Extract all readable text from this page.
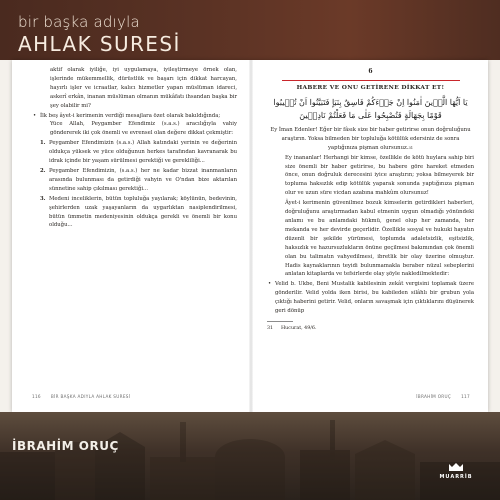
bir başka adıyla
AHLAK SURESİ
aktif olarak iyiliğe, iyi uygulamaya, iyileştirmeye örnek olan, işlerinde mükemmellik, dürüstlük ve başarı için dikkat harcayan, hayırlı işler ve icraatlar, kalıcı hizmetler yapan müslüman idareci, askerî erkân, inanan müslüman olmanın mükâfatı ihsandan başka bir şey olabilir mi?
• İlk beş âyet-i kerimenin verdiği mesajlara özet olarak bakıldığında;
Yüce Allah, Peygamber Efendimiz (s.a.s.) aracılığıyla vahiy göndererek iki çok önemli ve evrensel olan değere dikkat çekmiştir:
1. Peygamber Efendimizin (s.a.s.) Allah katındaki yerinin ve değerinin oldukça yüksek ve yüce olduğunun herkes tarafından kavranarak bu idrak içinde bir yaşam sürülmesi gerektiği ve gerekliliği...
2. Peygamber Efendimizin, (s.a.s.) her ne kadar bizzat inanmanların arasında bulunması da getirdiği vahyin ve O'ndan bize aktarılan sünnetine sahip çıkılması gerektiği...
3. Medeni inceliklerin, bütün topluluğa yayılarak; köylünün, bedevinin, şehirlerden uzak yaşayanların da uygarlıktan nasiplendirilmesi, bütün ümmetin medeniyesinin oldukça gerekli ve önemli bir konu olduğu...
6
HABERE VE ONU GETİRENE DİKKAT ET!
يَا اَيُّهَا الَّذٖينَ اٰمَنُوا اِنْ جَاۤءَكُمْ فَاسِقٌ بِنَبَاٍ فَتَبَيَّنُوا اَنْ تُصٖيبُوا قَوْمًا بِجَهَالَةٍ فَتُصْبِحُوا عَلٰى مَا فَعَلْتُمْ نَادِمٖينَ
Ey İman Edenler! Eğer bir fâsık size bir haber getirirse onun doğruluğunu araştırın. Yoksa bilmeden bir topluluğa kötülük edersiniz de sonra yaptığınıza pişman olursunuz.$^{31}$
Ey inananlar! Herhangi bir kimse, özellikle de kötü huylara sahip biri size önemli bir haber getirirse, bu habere göre hareket etmeden önce, onun doğruluk derecesini iyice araştırın; yoksa bilmeyerek bir topluma haksızlık edip kötülük yaparak sonunda yaptığınıza pişman olur ve uzun süre vicdan azabına mahkûm olursunuz!
Âyet-i kerimenin güvenilmez bozuk kimselerin getirdikleri haberleri, doğruluğunu araştırmadan kabul etmenin uygun olmadığı yönündeki anlamı ve bu anlamdaki hükmü, genel olup her zamanda, her mekanda ve her devirde geçerlidir. Özellikle sosyal ve hukuki hayatın düzenli bir şekilde yürümesi, toplumda adaletsizlik, eşitsizlik, haksızlık ve hazursuzlukların önüne geçilmesi bakımından çok önemli olan bu talimatın vahyedilmesi, ibretlik bir olay üzerine olmuştur. Hadis kaynaklarının teyidi bulunmamakla beraber nüzul sebeplerini anlatan kitaplarda ve tefsirlerde olay şöyle nakledilmektedir:
• Velid b. Ukbe, Beni Mustalik kabilesinin zekât vergisini toplamak üzere gönderilir. Velid yolda iken birisi, bu kabileden silâhlı bir grubun yola çıktığı haberini getirir. Velid, onların savaşmak için çıktıklarını düşünerek geri dönüp
31 Hucurat, 49/6.
116 BİR BAŞKA ADIYLA AHLAK SURESİ	İBRAHİM ORUÇ 117
İBRAHİM ORUÇ
MUARRİB
